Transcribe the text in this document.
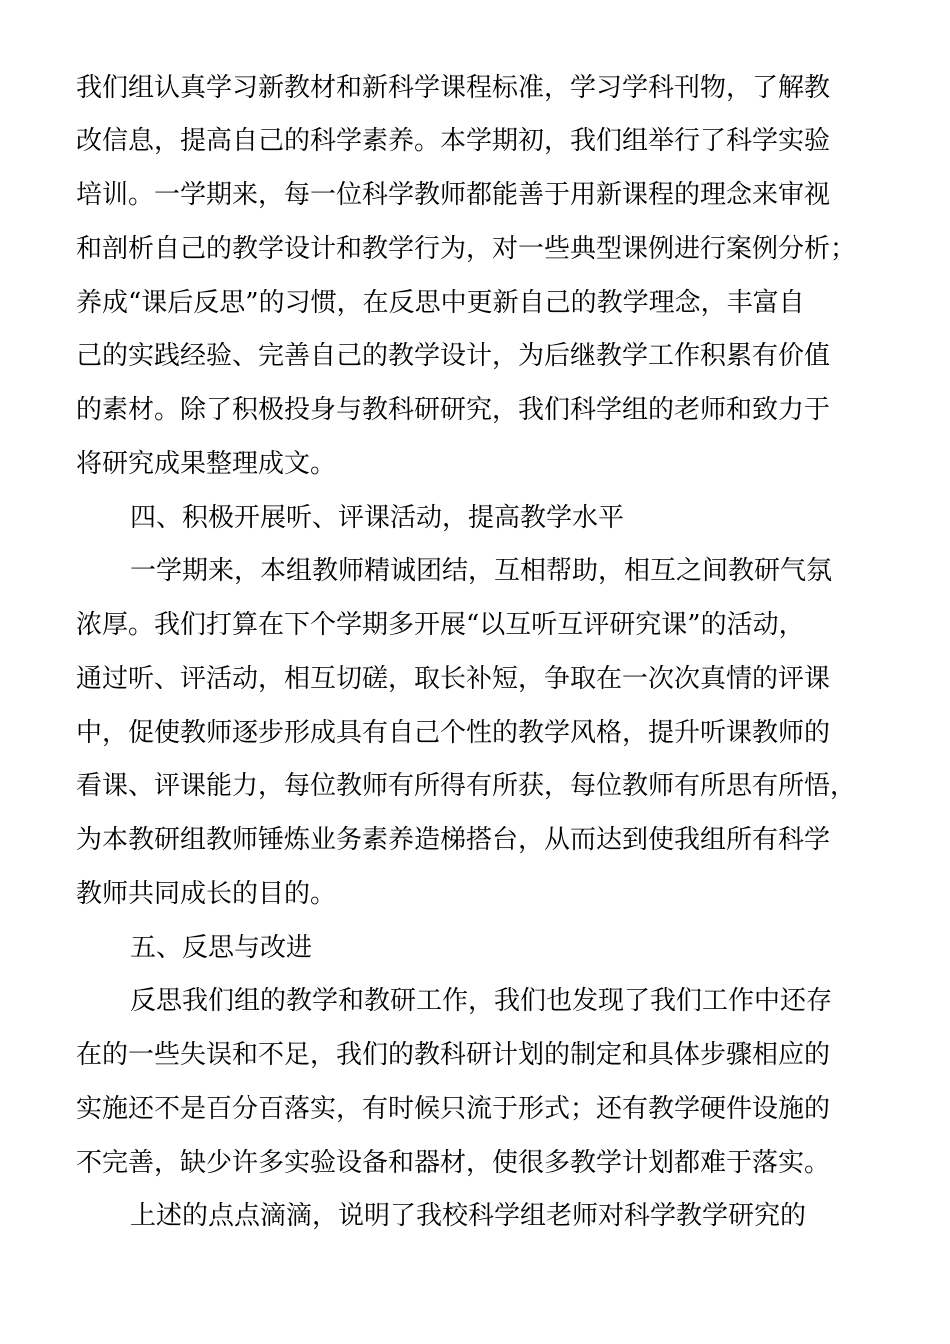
我们组认真学习新教材和新科学课程标准，学习学科刊物，了解教
改信息，提高自己的科学素养。本学期初，我们组举行了科学实验
培训。一学期来，每一位科学教师都能善于用新课程的理念来审视
和剖析自己的教学设计和教学行为，对一些典型课例进行案例分析；
养成“课后反思”的习惯，在反思中更新自己的教学理念，丰富自
己的实践经验、完善自己的教学设计，为后继教学工作积累有价值
的素材。除了积极投身与教科研研究，我们科学组的老师和致力于
将研究成果整理成文。
四、积极开展听、评课活动，提高教学水平
一学期来，本组教师精诚团结，互相帮助，相互之间教研气氛
浓厚。我们打算在下个学期多开展“以互听互评研究课”的活动，
通过听、评活动，相互切磋，取长补短，争取在一次次真情的评课
中，促使教师逐步形成具有自己个性的教学风格，提升听课教师的
看课、评课能力，每位教师有所得有所获，每位教师有所思有所悟，
为本教研组教师锤炼业务素养造梯搭台，从而达到使我组所有科学
教师共同成长的目的。
五、反思与改进
反思我们组的教学和教研工作，我们也发现了我们工作中还存
在的一些失误和不足，我们的教科研计划的制定和具体步骤相应的
实施还不是百分百落实，有时候只流于形式；还有教学硬件设施的
不完善，缺少许多实验设备和器材，使很多教学计划都难于落实。
上述的点点滴滴，说明了我校科学组老师对科学教学研究的
